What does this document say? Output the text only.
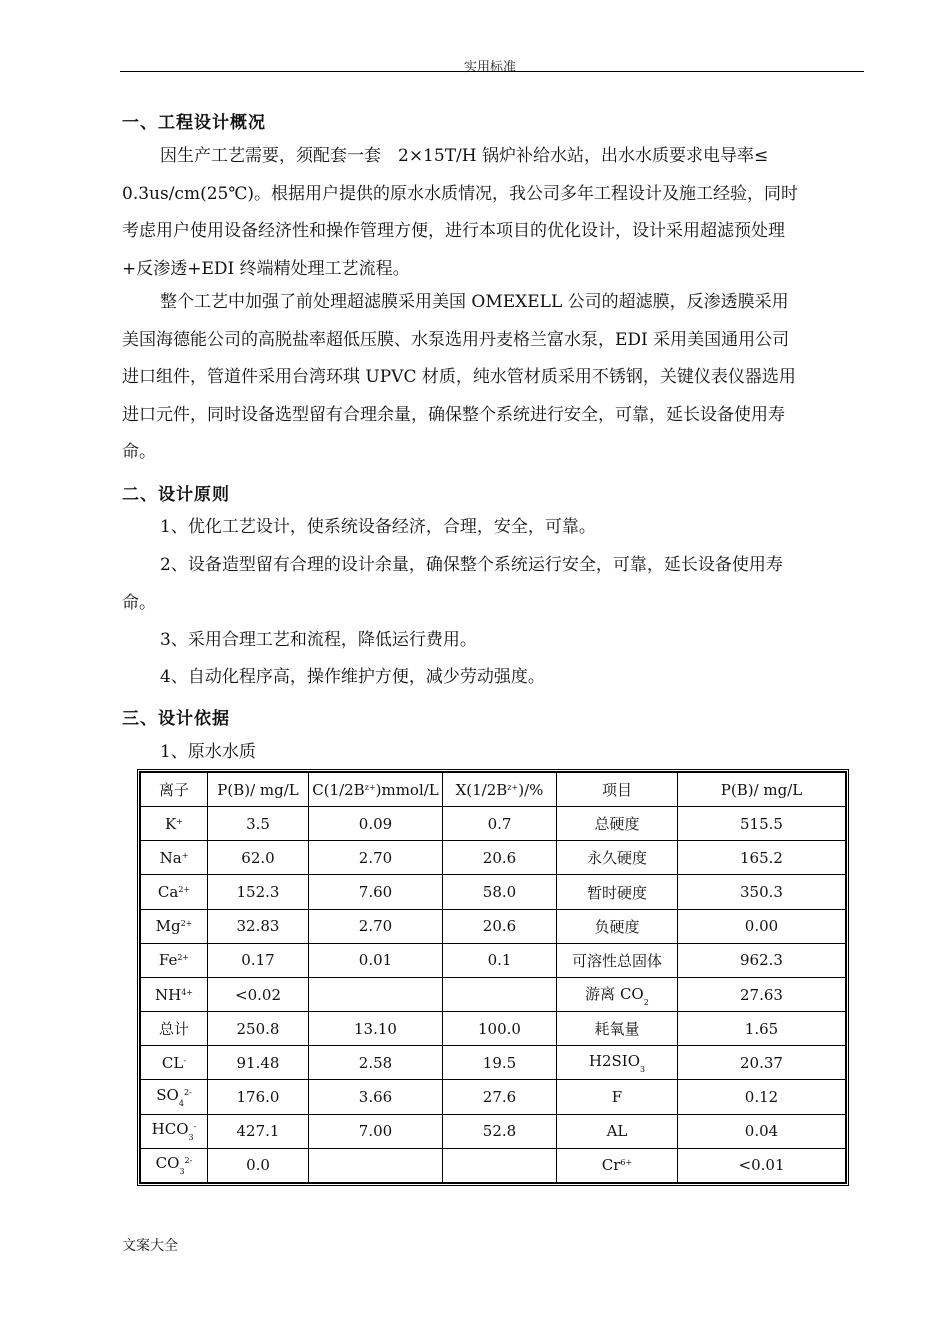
实用标准
一、工程设计概况
因生产工艺需要，须配套一套　2×15T/H 锅炉补给水站，出水水质要求电导率≤
0.3us/cm(25℃)。根据用户提供的原水水质情况，我公司多年工程设计及施工经验，同时
考虑用户使用设备经济性和操作管理方便，进行本项目的优化设计，设计采用超滤预处理
+反渗透+EDI 终端精处理工艺流程。
整个工艺中加强了前处理超滤膜采用美国 OMEXELL 公司的超滤膜，反渗透膜采用
美国海德能公司的高脱盐率超低压膜、水泵选用丹麦格兰富水泵，EDI 采用美国通用公司
进口组件，管道件采用台湾环琪 UPVC 材质，纯水管材质采用不锈钢，关键仪表仪器选用
进口元件，同时设备选型留有合理余量，确保整个系统进行安全，可靠，延长设备使用寿
命。
二、设计原则
1、优化工艺设计，使系统设备经济，合理，安全，可靠。
2、设备造型留有合理的设计余量，确保整个系统运行安全，可靠，延长设备使用寿
命。
3、采用合理工艺和流程，降低运行费用。
4、自动化程序高，操作维护方便，减少劳动强度。
三、设计依据
1、原水水质
离子	P(B)/ mg/L	$C(1/2B^{z+})mmol/L$	$X(1/2B^{z+})/\%$	项目	P(B)/ mg/L
K+	3.5	0.09	0.7	总硬度	515.5
Na+	62.0	2.70	20.6	永久硬度	165.2
$Ca^{2+}$	152.3	7.60	58.0	暂时硬度	350.3
$Mg^{2+}$	32.83	2.70	20.6	负硬度	0.00
$Fe^{2+}$	0.17	0.01	0.1	可溶性总固体	962.3
$NH^{4+}$	<0.02			游离 $CO_2$	27.63
总计	250.8	13.10	100.0	耗氧量	1.65
CL-	91.48	2.58	19.5	$H2SIO_3$	20.37
$SO_4^{2-}$	176.0	3.66	27.6	F	0.12
$HCO_3^-$	427.1	7.00	52.8	AL	0.04
$CO_3^{2-}$	0.0			$Cr^{6+}$	<0.01
文案大全
